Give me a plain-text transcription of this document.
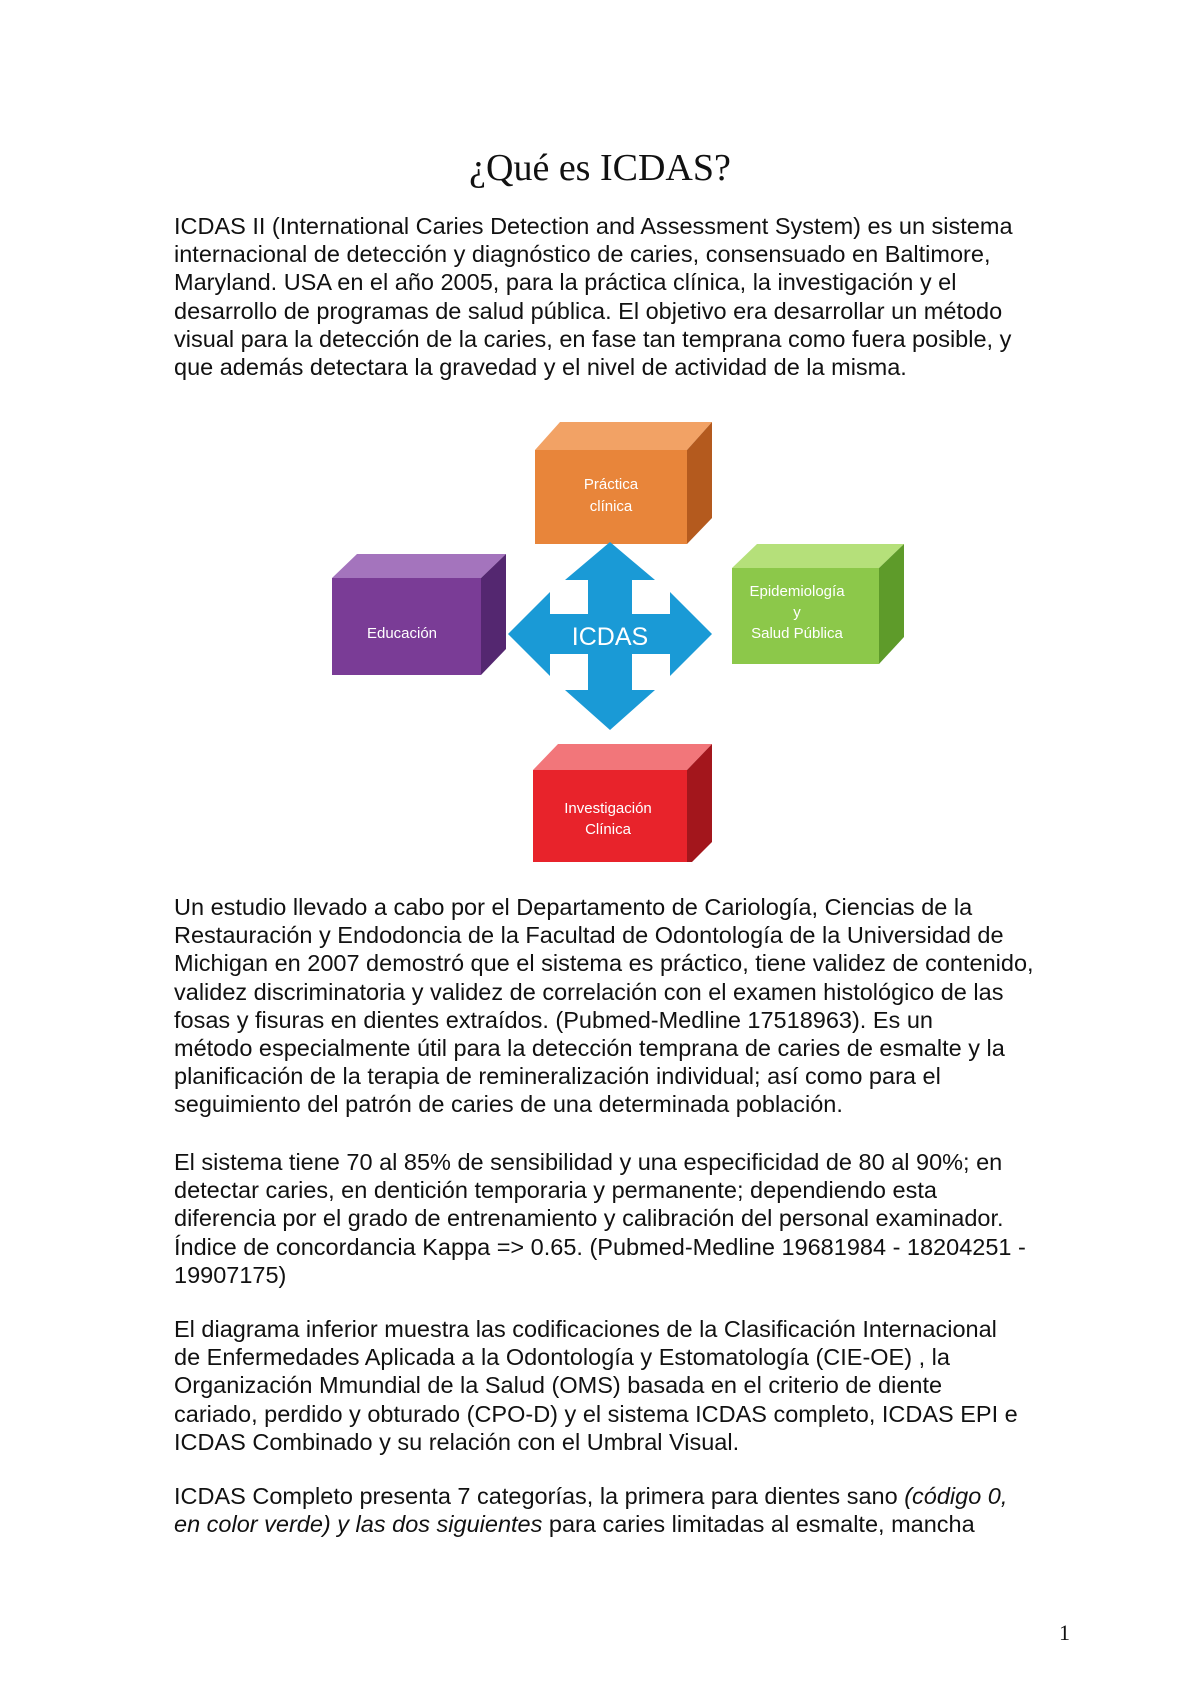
¿Qué es ICDAS?
ICDAS II (International Caries Detection and Assessment System) es un sistema
internacional de detección y diagnóstico de caries, consensuado en Baltimore,
Maryland. USA en el año 2005, para la práctica clínica, la investigación y el
desarrollo de programas de salud pública. El objetivo era desarrollar un método
visual para la detección de la caries, en fase tan temprana como fuera posible, y
que además detectara la gravedad y el nivel de actividad de la misma.
Práctica
clínica
Educación	ICDAS
Epidemiología
y
Salud Pública
Investigación
Clínica
Un estudio llevado a cabo por el Departamento de Cariología, Ciencias de la
Restauración y Endodoncia de la Facultad de Odontología de la Universidad de
Michigan en 2007 demostró que el sistema es práctico, tiene validez de contenido,
validez discriminatoria y validez de correlación con el examen histológico de las
fosas y fisuras en dientes extraídos. (Pubmed-Medline 17518963). Es un
método especialmente útil para la detección temprana de caries de esmalte y la
planificación de la terapia de remineralización individual; así como para el
seguimiento del patrón de caries de una determinada población.
El sistema tiene 70 al 85% de sensibilidad y una especificidad de 80 al 90%; en
detectar caries, en dentición temporaria y permanente; dependiendo esta
diferencia por el grado de entrenamiento y calibración del personal examinador.
Índice de concordancia Kappa => 0.65. (Pubmed-Medline 19681984 - 18204251 -
19907175)
El diagrama inferior muestra las codificaciones de la Clasificación Internacional
de Enfermedades Aplicada a la Odontología y Estomatología (CIE-OE) , la
Organización Mmundial de la Salud (OMS) basada en el criterio de diente
cariado, perdido y obturado (CPO-D) y el sistema ICDAS completo, ICDAS EPI e
ICDAS Combinado y su relación con el Umbral Visual.
ICDAS Completo presenta 7 categorías, la primera para dientes sano (código 0,
en color verde) y las dos siguientes para caries limitadas al esmalte, mancha
1
